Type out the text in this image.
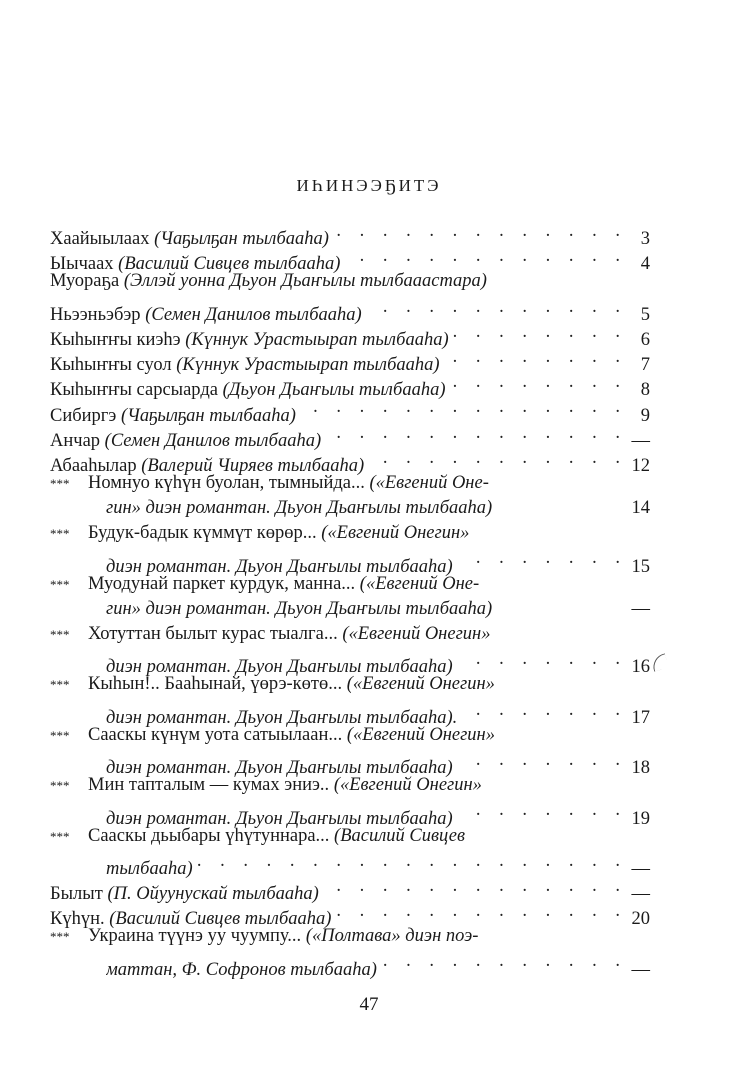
ИҺИНЭЭҔИТЭ
Хаайыылаах (Чаҕылҕан тылбааһа) . . .	3
Ыычаах (Василий Сивцев тылбааһа) . . .	4
Муораҕа (Эллэй уонна Дьуон Дьаҥылы тылбааастара)
Ньээньэбэр (Семен Данилов тылбааһа) . . .	5
Кыһыҥҥы киэһэ (Күннук Урастыырап тылбааһа) . . .	6
Кыһыҥҥы суол (Күннук Урастыырап тылбааһа) . . .	7
Кыһыҥҥы сарсыарда (Дьуон Дьаҥылы тылбааһа) . . .	8
Сибиргэ (Чаҕылҕан тылбааһа) . . .	9
Анчар (Семен Данилов тылбааһа) . . .	—
Абааһылар (Валерий Чиряев тылбааһа) . . .	12
***	Номнуо күһүн буолан, тымныйда... («Евгений Оне-
гин» диэн романтан. Дьуон Дьаҥылы тылбааһа)	14
***	Будук-бадык күммүт көрөр... («Евгений Онегин»
диэн романтан. Дьуон Дьаҥылы тылбааһа) . . .	15
***	Муодунай паркет курдук, манна... («Евгений Оне-
гин» диэн романтан. Дьуон Дьаҥылы тылбааһа)	—
***	Хотуттан былыт курас тыалга... («Евгений Онегин»
диэн романтан. Дьуон Дьаҥылы тылбааһа) . . .	16
***	Кыһын!.. Бааһынай, үөрэ-көтө... («Евгений Онегин»
диэн романтан. Дьуон Дьаҥылы тылбааһа). . . .	17
***	Сааскы күнүм уота сатыылаан... («Евгений Онегин»
диэн романтан. Дьуон Дьаҥылы тылбааһа) . . .	18
***	Мин тапталым — кумах эниэ.. («Евгений Онегин»
диэн романтан. Дьуон Дьаҥылы тылбааһа) . . .	19
***	Сааскы дьыбары үһүтуннара... (Василий Сивцев
тылбааһа) . . .	—
Былыт (П. Ойуунускай тылбааһа) . . .	—
Күһүн. (Василий Сивцев тылбааһа) . . .	20
***	Украина түүнэ уу чуумпу... («Полтава» диэн поэ-
маттан, Ф. Софронов тылбааһа) . . .	—
47
